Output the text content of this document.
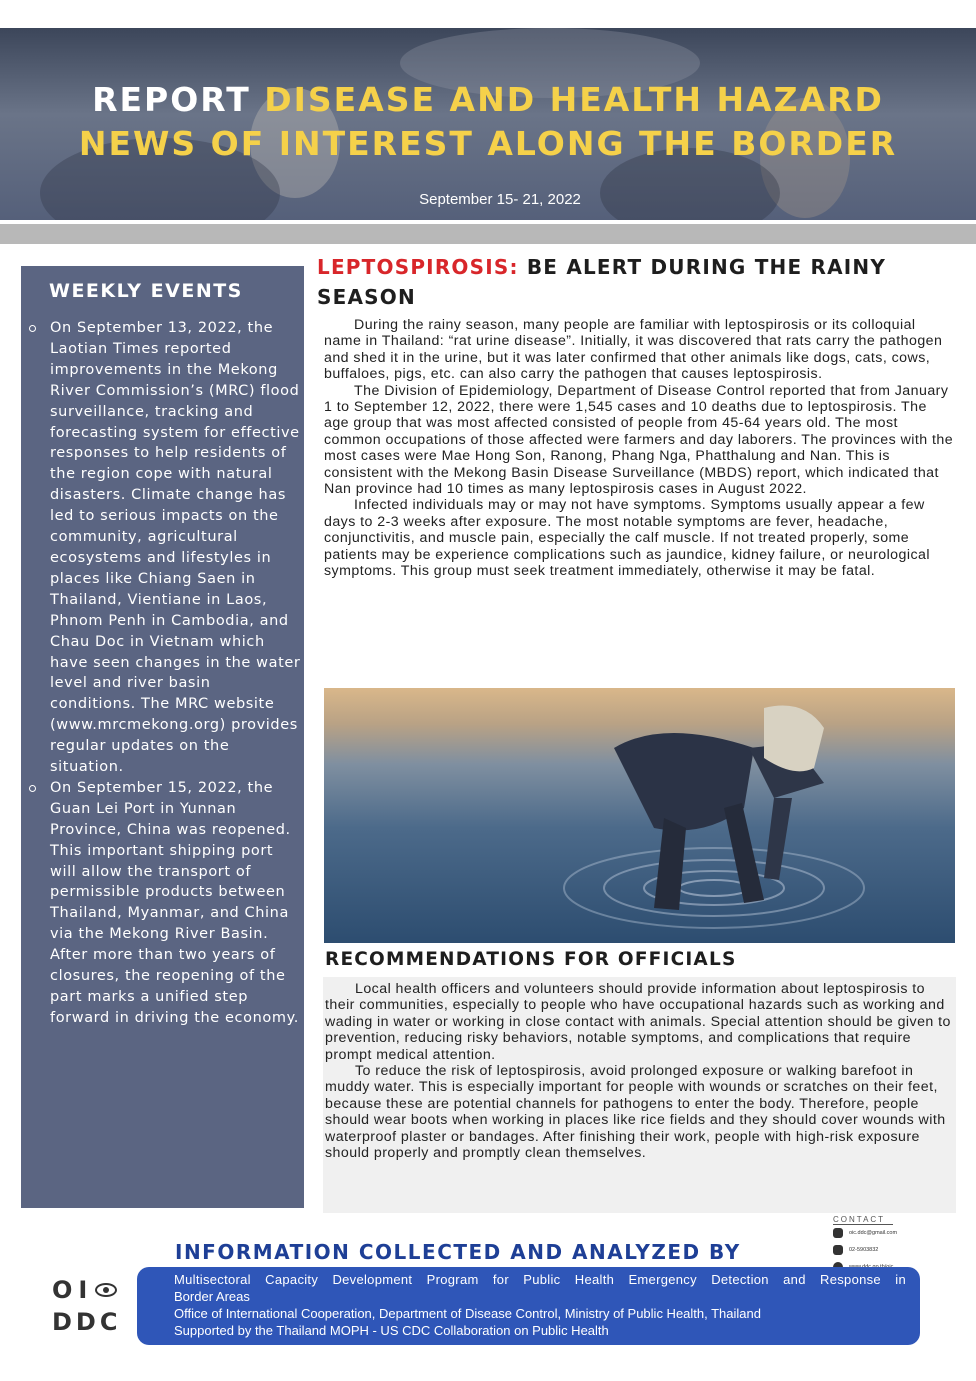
REPORT DISEASE AND HEALTH HAZARD
NEWS OF INTEREST ALONG THE BORDER
September 15- 21, 2022
WEEKLY EVENTS
On September 13, 2022, the Laotian Times reported improvements in the Mekong River Commission’s (MRC) flood surveillance, tracking and forecasting system for effective responses to help residents of the region cope with natural disasters. Climate change has led to serious impacts on the community, agricultural ecosystems and lifestyles in places like Chiang Saen in Thailand, Vientiane in Laos, Phnom Penh in Cambodia, and Chau Doc in Vietnam which have seen changes in the water level and river basin conditions. The MRC website (www.mrcmekong.org) provides regular updates on the situation.
On September 15, 2022, the Guan Lei Port in Yunnan Province, China was reopened. This important shipping port will allow the transport of permissible products between Thailand, Myanmar, and China via the Mekong River Basin. After more than two years of closures, the reopening of the part marks a unified step forward in driving the economy.
LEPTOSPIROSIS: BE ALERT DURING THE RAINY SEASON

During the rainy season, many people are familiar with leptospirosis or its colloquial name in Thailand: “rat urine disease”. Initially, it was discovered that rats carry the pathogen and shed it in the urine, but it was later confirmed that other animals like dogs, cats, cows, buffaloes, pigs, etc. can also carry the pathogen that causes leptospirosis.

The Division of Epidemiology, Department of Disease Control reported that from January 1 to September 12, 2022, there were 1,545 cases and 10 deaths due to leptospirosis. The age group that was most affected consisted of people from 45-64 years old. The most common occupations of those affected were farmers and day laborers. The provinces with the most cases were Mae Hong Son, Ranong, Phang Nga, Phatthalung and Nan. This is consistent with the Mekong Basin Disease Surveillance (MBDS) report, which indicated that Nan province had 10 times as many leptospirosis cases in August 2022.

Infected individuals may or may not have symptoms. Symptoms usually appear a few days to 2-3 weeks after exposure. The most notable symptoms are fever, headache, conjunctivitis, and muscle pain, especially the calf muscle. If not treated properly, some patients may be experience complications such as jaundice, kidney failure, or neurological symptoms. This group must seek treatment immediately, otherwise it may be fatal.

RECOMMENDATIONS FOR OFFICIALS

Local health officers and volunteers should provide information about leptospirosis to their communities, especially to people who have occupational hazards such as working and wading in water or working in close contact with animals. Special attention should be given to prevention, reducing risky behaviors, notable symptoms, and complications that require prompt medical attention.

To reduce the risk of leptospirosis, avoid prolonged exposure or walking barefoot in muddy water. This is especially important for people with wounds or scratches on their feet, because these are potential channels for pathogens to enter the body. Therefore, people should wear boots when working in places like rice fields and they should cover wounds with waterproof plaster or bandages. After finishing their work, people with high-risk exposure should properly and promptly clean themselves.

CONTACT
oic.ddc@gmail.com
02-5903832
INFORMATION COLLECTED AND ANALYZED BY
Multisectoral Capacity Development Program for Public Health Emergency Detection and Response in
Border Areas
Office of International Cooperation, Department of Disease Control, Ministry of Public Health, Thailand
Supported by the Thailand MOPH - US CDC Collaboration on Public Health
OI
DDC
